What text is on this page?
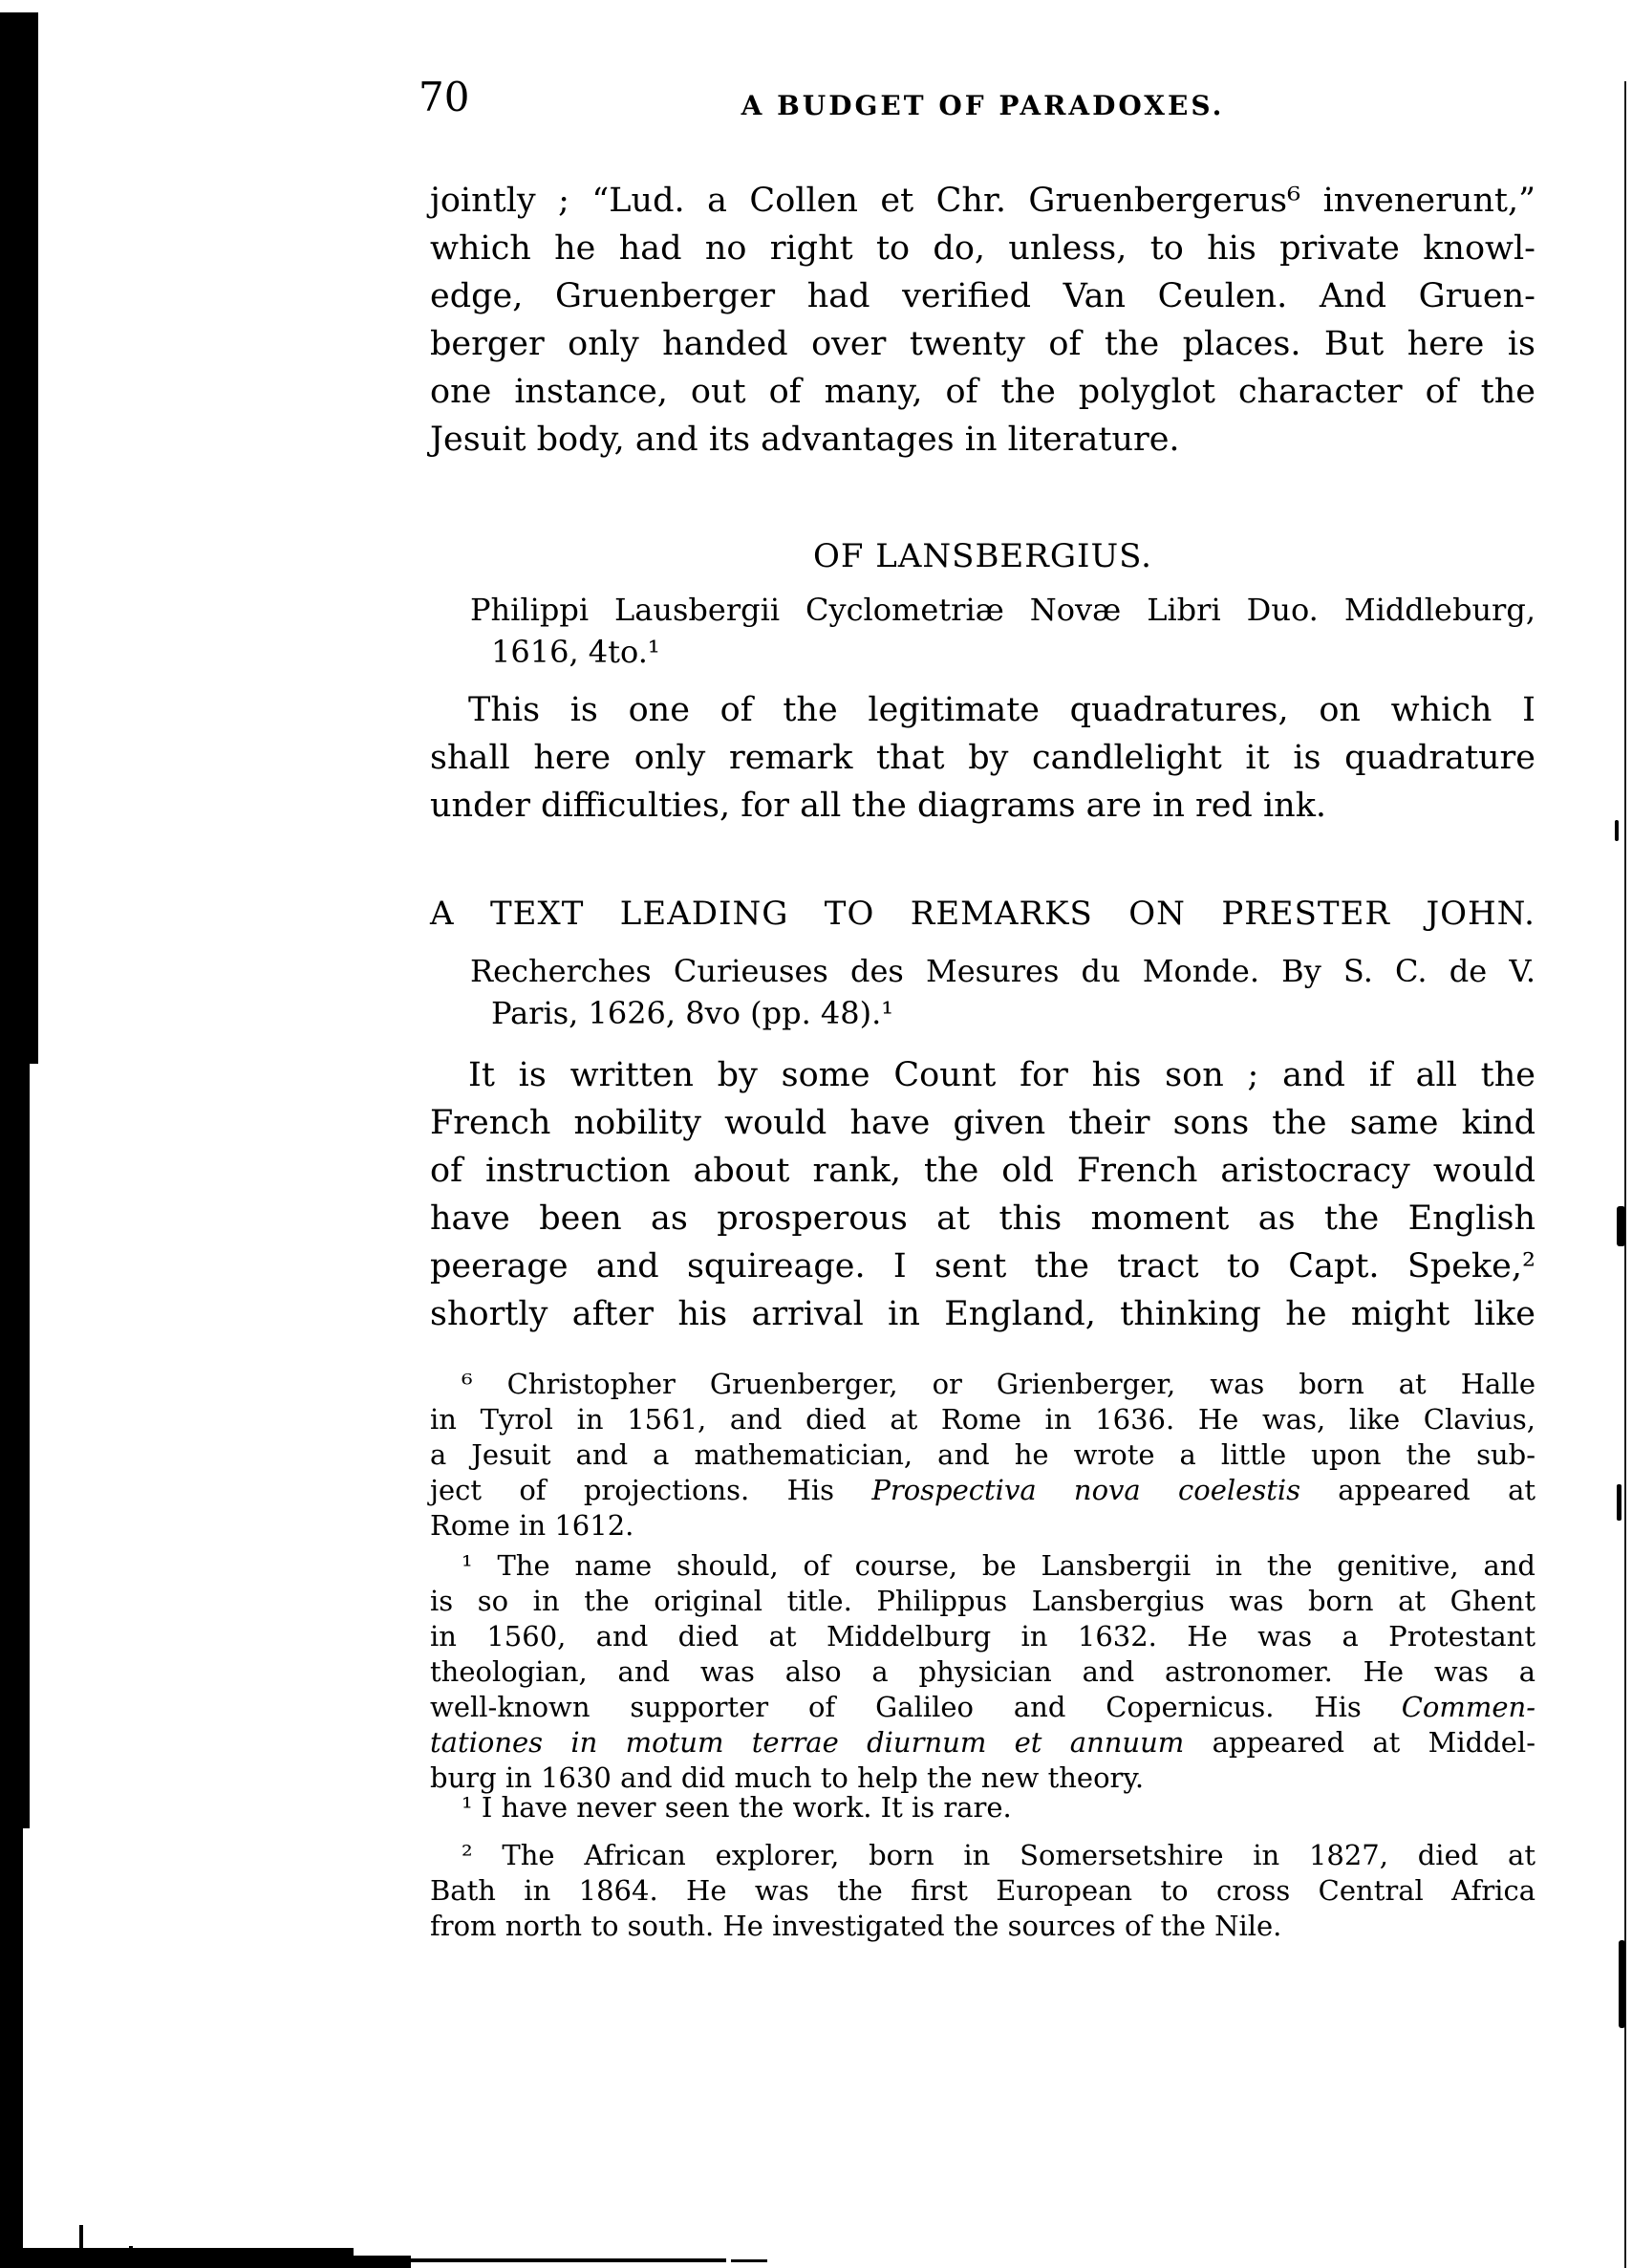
70	A BUDGET OF PARADOXES.
jointly ; “Lud. a Collen et Chr. Gruenbergerus⁶ invenerunt,”
which he had no right to do, unless, to his private knowl-
edge, Gruenberger had verified Van Ceulen. And Gruen-
berger only handed over twenty of the places. But here is
one instance, out of many, of the polyglot character of the
Jesuit body, and its advantages in literature.
OF LANSBERGIUS.
Philippi Lausbergii Cyclometriæ Novæ Libri Duo. Middleburg,
1616, 4to.¹
This is one of the legitimate quadratures, on which I
shall here only remark that by candlelight it is quadrature
under difficulties, for all the diagrams are in red ink.
A TEXT LEADING TO REMARKS ON PRESTER JOHN.
Recherches Curieuses des Mesures du Monde. By S. C. de V.
Paris, 1626, 8vo (pp. 48).¹
It is written by some Count for his son ; and if all the
French nobility would have given their sons the same kind
of instruction about rank, the old French aristocracy would
have been as prosperous at this moment as the English
peerage and squireage. I sent the tract to Capt. Speke,²
shortly after his arrival in England, thinking he might like
⁶ Christopher Gruenberger, or Grienberger, was born at Halle
in Tyrol in 1561, and died at Rome in 1636. He was, like Clavius,
a Jesuit and a mathematician, and he wrote a little upon the sub-
ject of projections. His Prospectiva nova coelestis appeared at
Rome in 1612.
¹ The name should, of course, be Lansbergii in the genitive, and
is so in the original title. Philippus Lansbergius was born at Ghent
in 1560, and died at Middelburg in 1632. He was a Protestant
theologian, and was also a physician and astronomer. He was a
well-known supporter of Galileo and Copernicus. His Commen-
tationes in motum terrae diurnum et annuum appeared at Middel-
burg in 1630 and did much to help the new theory.
¹ I have never seen the work. It is rare.
² The African explorer, born in Somersetshire in 1827, died at
Bath in 1864. He was the first European to cross Central Africa
from north to south. He investigated the sources of the Nile.
